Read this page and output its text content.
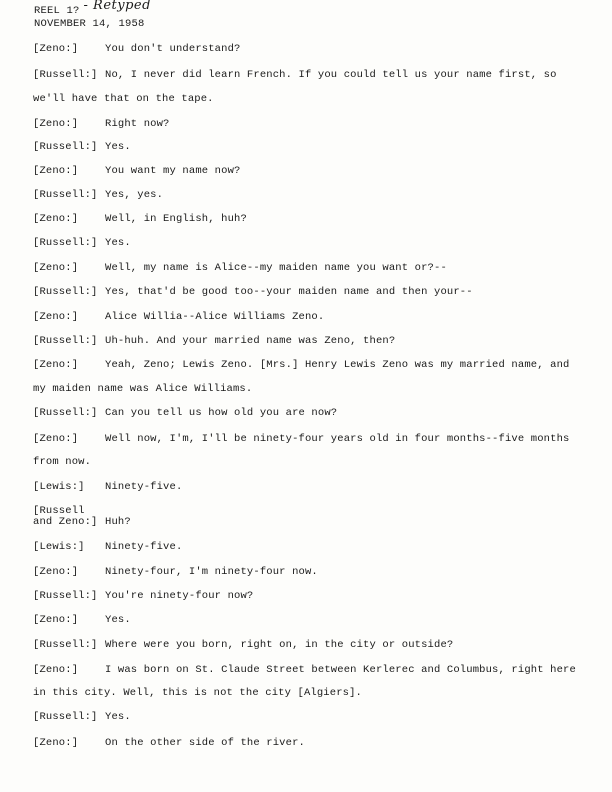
REEL 1? - Retyped
NOVEMBER 14, 1958
[Zeno:]	You don't understand?
[Russell:] No, I never did learn French. If you could tell us your name first, so
we'll have that on the tape.
[Zeno:]	Right now?
[Russell:] Yes.
[Zeno:]	You want my name now?
[Russell:] Yes, yes.
[Zeno:]	Well, in English, huh?
[Russell:] Yes.
[Zeno:]	Well, my name is Alice--my maiden name you want or?--
[Russell:] Yes, that'd be good too--your maiden name and then your--
[Zeno:]	Alice Willia--Alice Williams Zeno.
[Russell:] Uh-huh. And your married name was Zeno, then?
[Zeno:]	Yeah, Zeno; Lewis Zeno. [Mrs.] Henry Lewis Zeno was my married name, and
my maiden name was Alice Williams.
[Russell:] Can you tell us how old you are now?
[Zeno:]	Well now, I'm, I'll be ninety-four years old in four months--five months
from now.
[Lewis:] Ninety-five.
[Russell
and Zeno:] Huh?
[Lewis:] Ninety-five.
[Zeno:]	Ninety-four, I'm ninety-four now.
[Russell:] You're ninety-four now?
[Zeno:]	Yes.
[Russell:] Where were you born, right on, in the city or outside?
[Zeno:]	I was born on St. Claude Street between Kerlerec and Columbus, right here
in this city. Well, this is not the city [Algiers].
[Russell:] Yes.
[Zeno:]	On the other side of the river.
